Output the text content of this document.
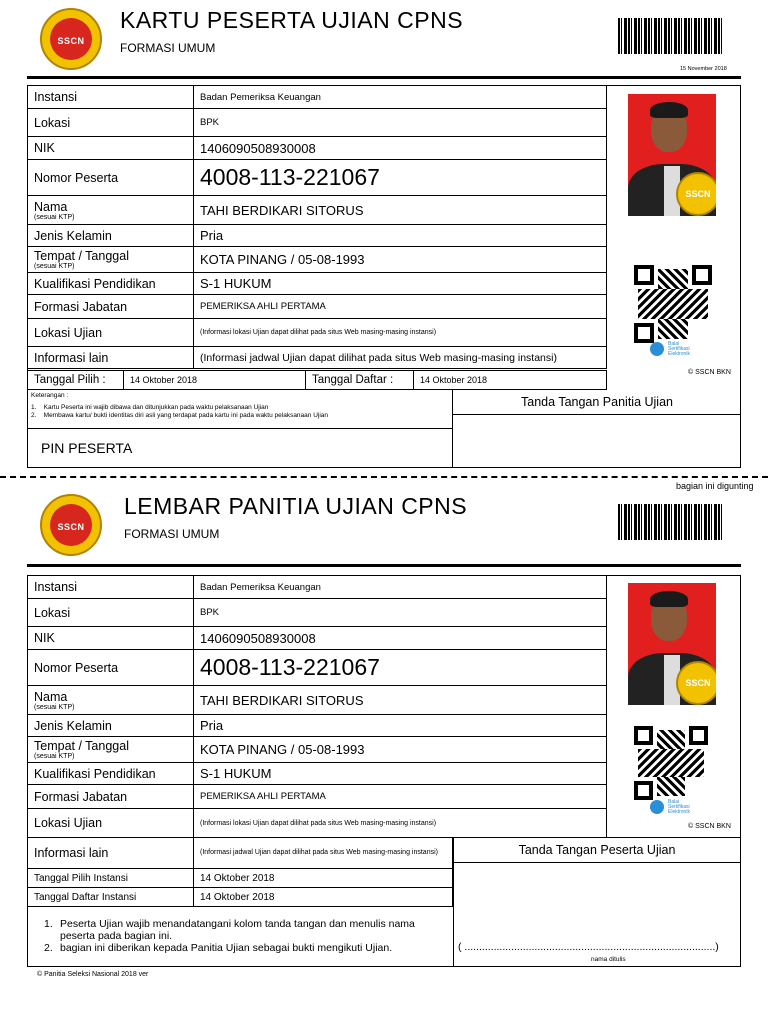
SSCN
KARTU PESERTA UJIAN CPNS
FORMASI UMUM
15 November 2018
Instansi	Badan Pemeriksa Keuangan
Lokasi	BPK
NIK	1406090508930008
Nomor Peserta	4008-113-221067
Nama
(sesuai KTP)	TAHI BERDIKARI SITORUS
Jenis Kelamin	Pria
Tempat / Tanggal
(sesuai KTP)	KOTA PINANG / 05-08-1993
Kualifikasi Pendidikan	S-1 HUKUM
Formasi Jabatan	PEMERIKSA AHLI PERTAMA
Lokasi Ujian	(Informasi lokasi Ujian dapat dilihat pada situs Web masing-masing instansi)
Informasi lain	(Informasi jadwal Ujian dapat dilihat pada situs Web masing-masing instansi)
Tanggal Pilih :	14 Oktober 2018	Tanggal Daftar :	14 Oktober 2018
SSCN
Balai Sertifikasi Elektronik
© SSCN BKN
Keterangan :
1.    Kartu Peserta ini wajib dibawa dan ditunjukkan pada waktu pelaksanaan Ujian
2.    Membawa kartu/ bukti identitas diri asli yang terdapat pada kartu ini pada waktu pelaksanaan Ujian
PIN PESERTA
Tanda Tangan Panitia Ujian
bagian ini digunting
SSCN
LEMBAR PANITIA UJIAN CPNS
FORMASI UMUM
Instansi	Badan Pemeriksa Keuangan
Lokasi	BPK
NIK	1406090508930008
Nomor Peserta	4008-113-221067
Nama
(sesuai KTP)	TAHI BERDIKARI SITORUS
Jenis Kelamin	Pria
Tempat / Tanggal
(sesuai KTP)	KOTA PINANG / 05-08-1993
Kualifikasi Pendidikan	S-1 HUKUM
Formasi Jabatan	PEMERIKSA AHLI PERTAMA
Lokasi Ujian	(Informasi lokasi Ujian dapat dilihat pada situs Web masing-masing instansi)
Informasi lain	(Informasi jadwal Ujian dapat dilihat pada situs Web masing-masing instansi)
Tanggal Pilih Instansi	14 Oktober 2018
Tanggal Daftar Instansi	14 Oktober 2018
SSCN
Balai Sertifikasi Elektronik
© SSCN BKN
Tanda Tangan Peserta Ujian
1. Peserta Ujian wajib menandatangani kolom tanda tangan dan menulis nama peserta pada bagian ini.
2. bagian ini diberikan kepada Panitia Ujian sebagai bukti mengikuti Ujian.	( ......................................................................................)
nama ditulis
© Panitia Seleksi Nasional 2018 ver
